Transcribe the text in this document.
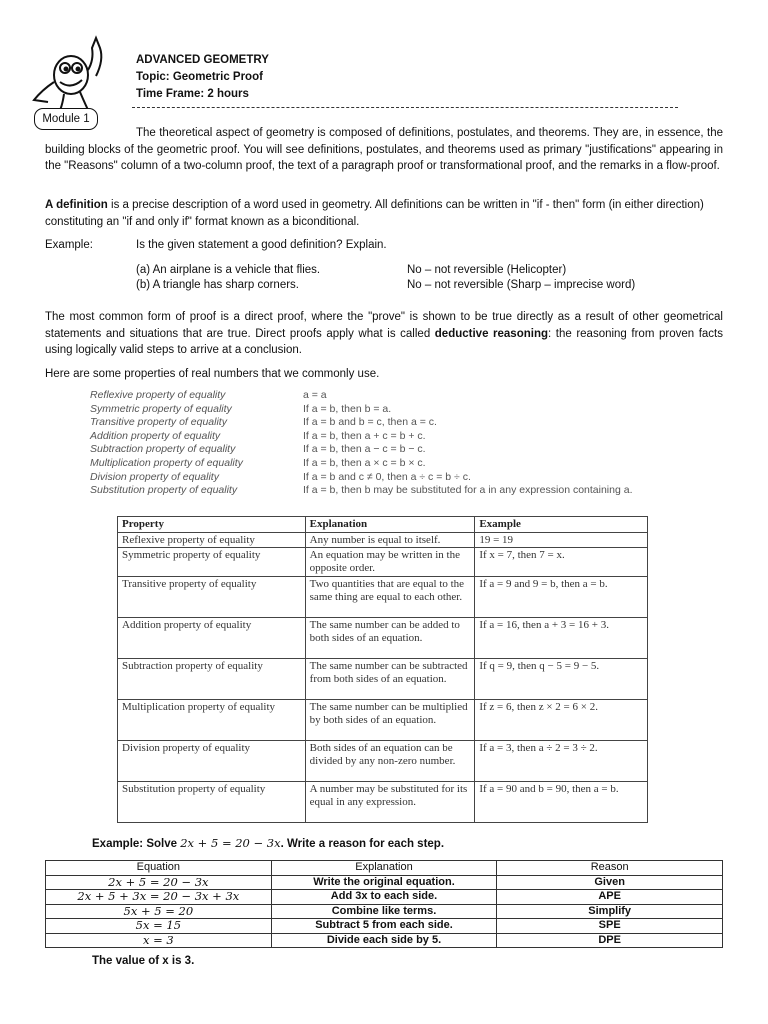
Module 1
ADVANCED GEOMETRY
Topic: Geometric Proof
Time Frame: 2 hours
The theoretical aspect of geometry is composed of definitions, postulates, and theorems. They are, in essence, the building blocks of the geometric proof. You will see definitions, postulates, and theorems used as primary "justifications" appearing in the "Reasons" column of a two-column proof, the text of a paragraph proof or transformational proof, and the remarks in a flow-proof.
A definition is a precise description of a word used in geometry. All definitions can be written in "if - then" form (in either direction) constituting an "if and only if" format known as a biconditional.
Example:	Is the given statement a good definition? Explain.
(a) An airplane is a vehicle that flies.	No – not reversible (Helicopter)
(b) A triangle has sharp corners.	No – not reversible (Sharp – imprecise word)
The most common form of proof is a direct proof, where the "prove" is shown to be true directly as a result of other geometrical statements and situations that are true. Direct proofs apply what is called deductive reasoning: the reasoning from proven facts using logically valid steps to arrive at a conclusion.
Here are some properties of real numbers that we commonly use.
Reflexive property of equality	a = a
Symmetric property of equality	If a = b, then b = a.
Transitive property of equality	If a = b and b = c, then a = c.
Addition property of equality	If a = b, then a + c = b + c.
Subtraction property of equality	If a = b, then a − c = b − c.
Multiplication property of equality	If a = b, then a × c = b × c.
Division property of equality	If a = b and c ≠ 0, then a ÷ c = b ÷ c.
Substitution property of equality	If a = b, then b may be substituted for a in any expression containing a.
Property	Explanation	Example
Reflexive property of equality	Any number is equal to itself.	19 = 19
Symmetric property of equality	An equation may be written in the opposite order.	If x = 7, then 7 = x.
Transitive property of equality	Two quantities that are equal to the same thing are equal to each other.	If a = 9 and 9 = b, then a = b.
Addition property of equality	The same number can be added to both sides of an equation.	If a = 16, then a + 3 = 16 + 3.
Subtraction property of equality	The same number can be subtracted from both sides of an equation.	If q = 9, then q − 5 = 9 − 5.
Multiplication property of equality	The same number can be multiplied by both sides of an equation.	If z = 6, then z × 2 = 6 × 2.
Division property of equality	Both sides of an equation can be divided by any non-zero number.	If a = 3, then a ÷ 2 = 3 ÷ 2.
Substitution property of equality	A number may be substituted for its equal in any expression.	If a = 90 and b = 90, then a = b.
Example: Solve 2x + 5 = 20 − 3x. Write a reason for each step.
Equation	Explanation	Reason
2x + 5 = 20 − 3x	Write the original equation.	Given
2x + 5 + 3x = 20 − 3x + 3x	Add 3x to each side.	APE
5x + 5 = 20	Combine like terms.	Simplify
5x = 15	Subtract 5 from each side.	SPE
x = 3	Divide each side by 5.	DPE
The value of x is 3.
